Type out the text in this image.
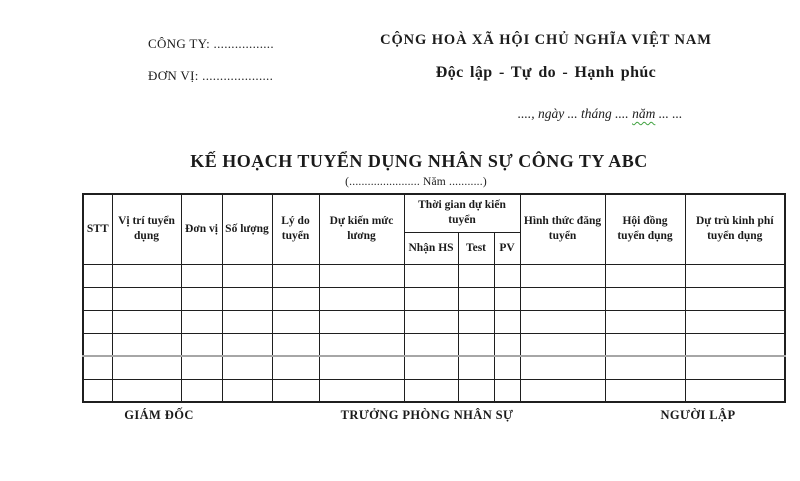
CÔNG TY: .................
ĐƠN VỊ: ....................
CỘNG HOÀ XÃ HỘI CHỦ NGHĨA VIỆT NAM
Độc lập - Tự do - Hạnh phúc
...., ngày ... tháng .... năm ... ...
KẾ HOẠCH TUYỂN DỤNG NHÂN SỰ CÔNG TY ABC
(....................... Năm ...........)
STT	Vị trí tuyển dụng	Đơn vị	Số lượng	Lý do tuyển	Dự kiến mức lương	Thời gian dự kiến tuyển			Hình thức đăng tuyển	Hội đồng tuyển dụng	Dự trù kinh phí tuyển dụng
						Nhận HS	Test	PV			

GIÁM ĐỐC	TRƯỞNG PHÒNG NHÂN SỰ	NGƯỜI LẬP
